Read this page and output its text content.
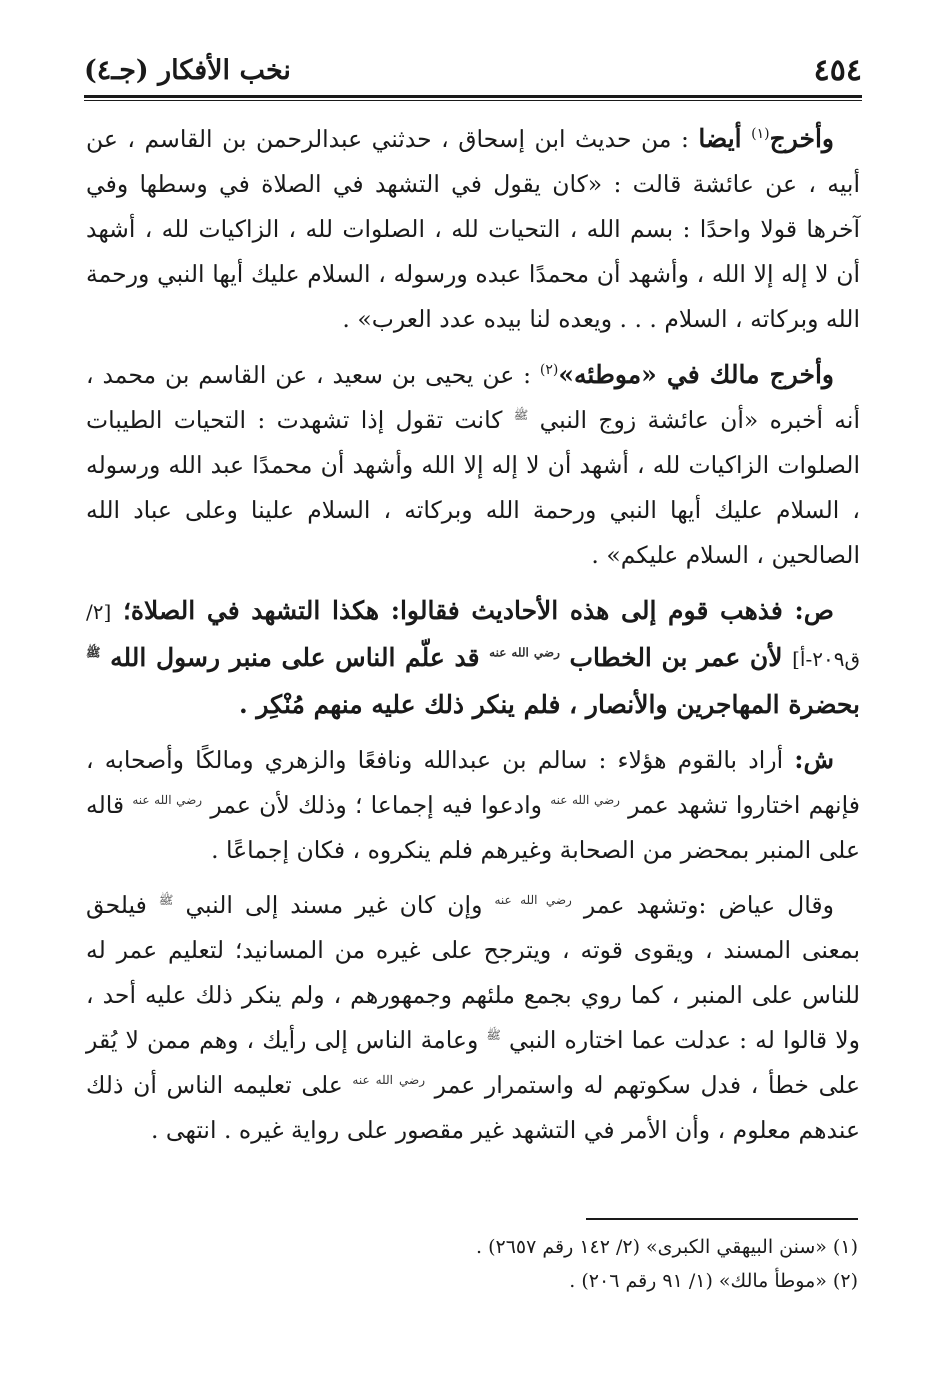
٤٥٤
نخب الأفكار (جـ٤)

وأخرج$^{(١)}$ أيضا : من حديث ابن إسحاق ، حدثني عبدالرحمن بن القاسم ، عن أبيه ، عن عائشة قالت : «كان يقول في التشهد في الصلاة في وسطها وفي آخرها قولا واحدًا : بسم الله ، التحيات لله ، الصلوات لله ، الزاكيات لله ، أشهد أن لا إله إلا الله ، وأشهد أن محمدًا عبده ورسوله ، السلام عليك أيها النبي ورحمة الله وبركاته ، السلام . . . ويعده لنا بيده عدد العرب» .

وأخرج مالك في «موطئه»$^{(٢)}$ : عن يحيى بن سعيد ، عن القاسم بن محمد ، أنه أخبره «أن عائشة زوج النبي $^ﷺ$ كانت تقول إذا تشهدت : التحيات الطيبات الصلوات الزاكيات لله ، أشهد أن لا إله إلا الله وأشهد أن محمدًا عبد الله ورسوله ، السلام عليك أيها النبي ورحمة الله وبركاته ، السلام علينا وعلى عباد الله الصالحين ، السلام عليكم» .

ص: فذهب قوم إلى هذه الأحاديث فقالوا: هكذا التشهد في الصلاة؛ [٢/ق٢٠٩-أ] لأن عمر بن الخطاب $^{رضي الله عنه}$ قد علّم الناس على منبر رسول الله $^ﷺ$ بحضرة المهاجرين والأنصار ، فلم ينكر ذلك عليه منهم مُنْكِر .

ش: أراد بالقوم هؤلاء : سالم بن عبدالله ونافعًا والزهري ومالكًا وأصحابه ، فإنهم اختاروا تشهد عمر $^{رضي الله عنه}$ وادعوا فيه إجماعا ؛ وذلك لأن عمر $^{رضي الله عنه}$ قاله على المنبر بمحضر من الصحابة وغيرهم فلم ينكروه ، فكان إجماعًا .

وقال عياض :وتشهد عمر $^{رضي الله عنه}$ وإن كان غير مسند إلى النبي $^ﷺ$ فيلحق بمعنى المسند ، ويقوى قوته ، ويترجح على غيره من المسانيد؛ لتعليم عمر له للناس على المنبر ، كما روي بجمع ملئهم وجمهورهم ، ولم ينكر ذلك عليه أحد ، ولا قالوا له : عدلت عما اختاره النبي $^ﷺ$ وعامة الناس إلى رأيك ، وهم ممن لا يُقر على خطأ ، فدل سكوتهم له واستمرار عمر $^{رضي الله عنه}$ على تعليمه الناس أن ذلك عندهم معلوم ، وأن الأمر في التشهد غير مقصور على رواية غيره . انتهى .

(١) «سنن البيهقي الكبرى» (٢/ ١٤٢ رقم ٢٦٥٧) .
(٢) «موطأ مالك» (١/ ٩١ رقم ٢٠٦) .
